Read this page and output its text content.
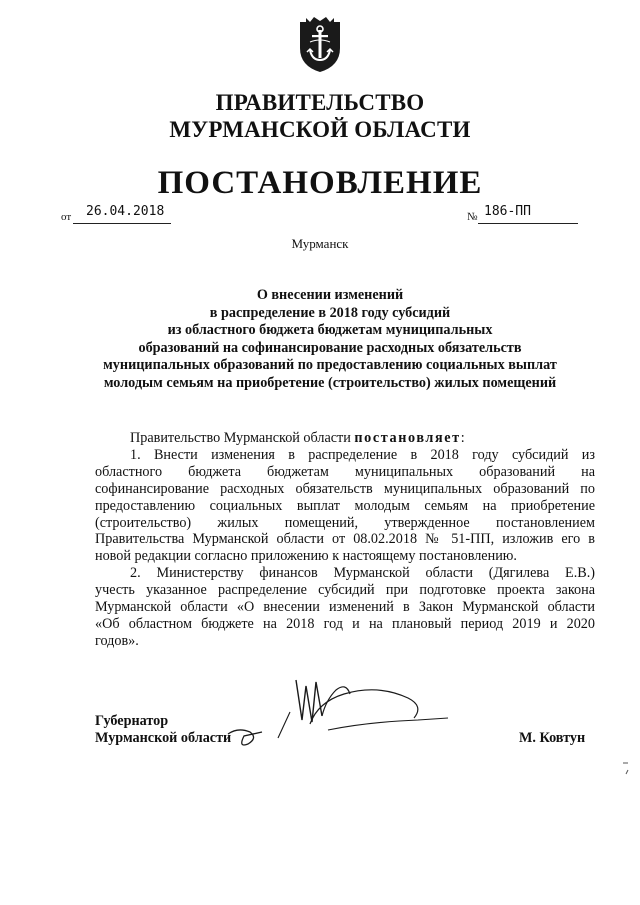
ПРАВИТЕЛЬСТВО
МУРМАНСКОЙ ОБЛАСТИ
ПОСТАНОВЛЕНИЕ
от 26.04.2018	№ 186-ПП
Мурманск
О внесении изменений
в распределение в 2018 году субсидий
из областного бюджета бюджетам муниципальных
образований на софинансирование расходных обязательств
муниципальных образований по предоставлению социальных выплат
молодым семьям на приобретение (строительство) жилых помещений
Правительство Мурманской области постановляет:
1. Внести изменения в распределение в 2018 году субсидий из
областного бюджета бюджетам муниципальных образований на
софинансирование расходных обязательств муниципальных образований по
предоставлению социальных выплат молодым семьям на приобретение
(строительство) жилых помещений, утвержденное постановлением
Правительства Мурманской области от 08.02.2018 № 51-ПП, изложив его в
новой редакции согласно приложению к настоящему постановлению.
2. Министерству финансов Мурманской области (Дягилева Е.В.)
учесть указанное распределение субсидий при подготовке проекта закона
Мурманской области «О внесении изменений в Закон Мурманской области
«Об областном бюджете на 2018 год и на плановый период 2019 и 2020
годов».
Губернатор
Мурманской области	М. Ковтун
